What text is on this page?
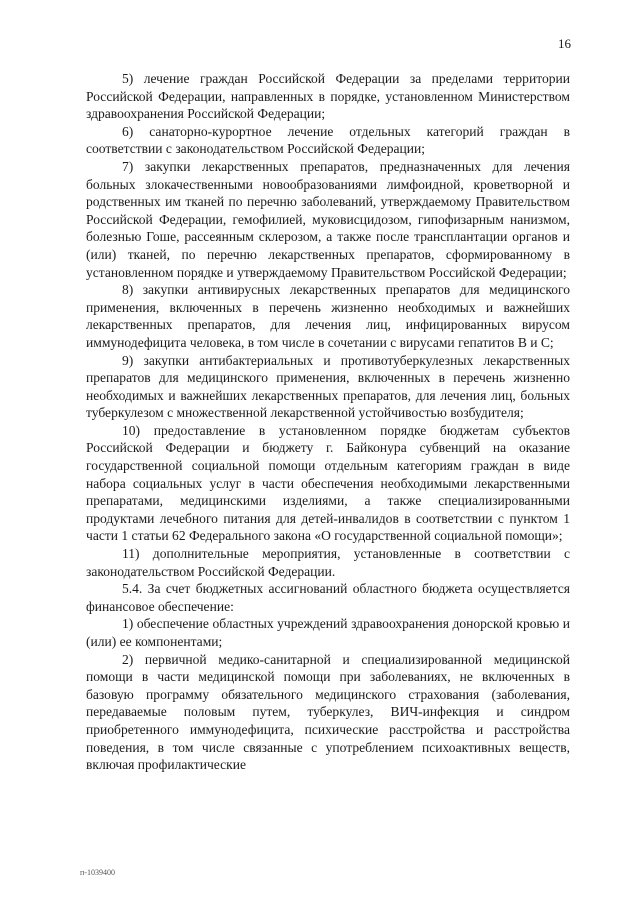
16

5) лечение граждан Российской Федерации за пределами территории Российской Федерации, направленных в порядке, установленном Министерством здравоохранения Российской Федерации;

6) санаторно-курортное лечение отдельных категорий граждан в соответствии с законодательством Российской Федерации;

7) закупки лекарственных препаратов, предназначенных для лечения больных злокачественными новообразованиями лимфоидной, кроветворной и родственных им тканей по перечню заболеваний, утверждаемому Правительством Российской Федерации, гемофилией, муковисцидозом, гипофизарным нанизмом, болезнью Гоше, рассеянным склерозом, а также после трансплантации органов и (или) тканей, по перечню лекарственных препаратов, сформированному в установленном порядке и утверждаемому Правительством Российской Федерации;

8) закупки антивирусных лекарственных препаратов для медицинского применения, включенных в перечень жизненно необходимых и важнейших лекарственных препаратов, для лечения лиц, инфицированных вирусом иммунодефицита человека, в том числе в сочетании с вирусами гепатитов B и C;

9) закупки антибактериальных и противотуберкулезных лекарственных препаратов для медицинского применения, включенных в перечень жизненно необходимых и важнейших лекарственных препаратов, для лечения лиц, больных туберкулезом с множественной лекарственной устойчивостью возбудителя;

10) предоставление в установленном порядке бюджетам субъектов Российской Федерации и бюджету г. Байконура субвенций на оказание государственной социальной помощи отдельным категориям граждан в виде набора социальных услуг в части обеспечения необходимыми лекарственными препаратами, медицинскими изделиями, а также специализированными продуктами лечебного питания для детей-инвалидов в соответствии с пунктом 1 части 1 статьи 62 Федерального закона «О государственной социальной помощи»;

11) дополнительные мероприятия, установленные в соответствии с законодательством Российской Федерации.

5.4. За счет бюджетных ассигнований областного бюджета осуществляется финансовое обеспечение:

1) обеспечение областных учреждений здравоохранения донорской кровью и (или) ее компонентами;

2) первичной медико-санитарной и специализированной медицинской помощи в части медицинской помощи при заболеваниях, не включенных в базовую программу обязательного медицинского страхования (заболевания, передаваемые половым путем, туберкулез, ВИЧ-инфекция и синдром приобретенного иммунодефицита, психические расстройства и расстройства поведения, в том числе связанные с употреблением психоактивных веществ, включая профилактические

п-1039400
